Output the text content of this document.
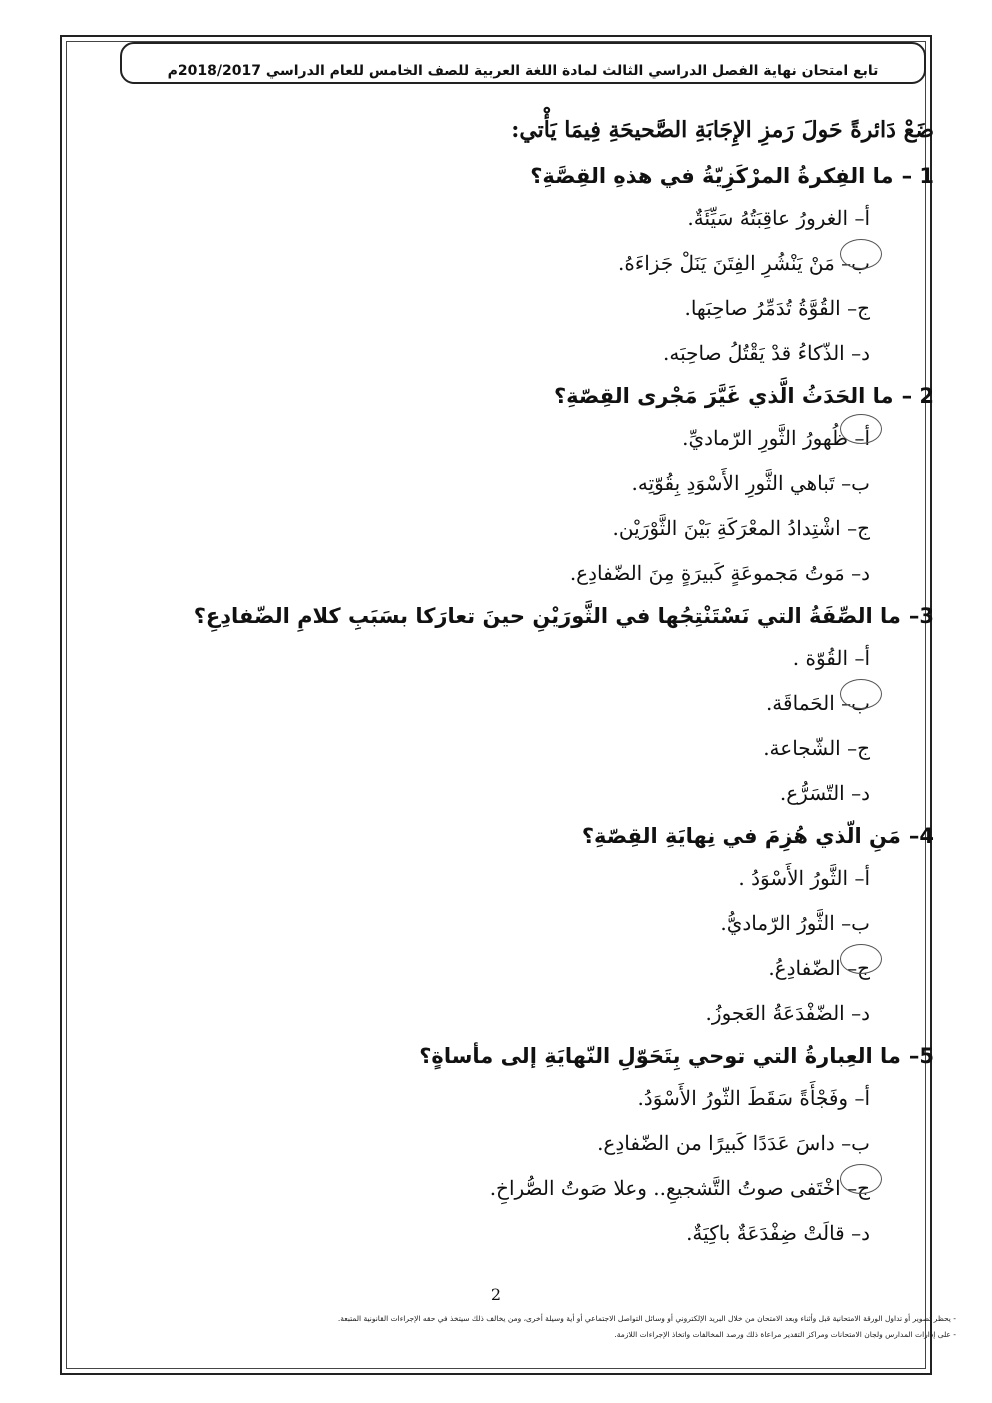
تابع امتحان نهاية الفصل الدراسي الثالث لمادة اللغة العربية للصف الخامس للعام الدراسي 2018/2017م
ضَعْ دَائرةً حَولَ رَمزِ الإِجَابَةِ الصَّحيحَةِ فِيمَا يَأْتي:
1 –ما الفِكرةُ المرْكَزِيّةُ في هذهِ القِصَّةِ؟
أ– الغرورُ عاقِبَتُهُ سَيِّئَةٌ.
ب– مَنْ يَنْشُرِ الفِتَنَ يَنَلْ جَزاءَهُ.
ج– القُوَّةُ تُدَمِّرُ صاحِبَها.
د– الذّكاءُ قدْ يَقْتُلُ صاحِبَه.
2 –ما الحَدَثُ الَّذي غَيَّرَ مَجْرى القِصّةِ؟
أ– ظُهورُ الثَّورِ الرّماديِّ.
ب– تَباهي الثَّورِ الأَسْوَدِ بِقُوّتِه.
ج– اشْتِدادُ المعْرَكَةِ بَيْنَ الثَّوْرَيْن.
د– مَوتُ مَجموعَةٍ كَبيرَةٍ مِنَ الضّفادِع.
3–ما الصِّفَةُ التي نَسْتَنْتِجُها في الثَّورَيْنِ حينَ تعارَكا بسَبَبِ كلامِ الضّفادِعِ؟
أ– القُوّة .
ب– الحَماقَة.
ج– الشّجاعة.
د– التّسَرُّع.
4–مَنِ الّذي هُزِمَ في نِهايَةِ القِصّةِ؟
أ– الثَّورُ الأَسْوَدُ .
ب– الثَّورُ الرّماديُّ.
ج– الضّفادِعُ.
د– الضّفْدَعَةُ العَجوزُ.
5–ما العِبارةُ التي توحي بِتَحَوّلِ النّهايَةِ إلى مأساةٍ؟
أ– وفَجْأَةً سَقَطَ الثّورُ الأَسْوَدُ.
ب– داسَ عَدَدًا كَبيرًا من الضّفادِع.
ج– اخْتَفى صوتُ التَّشجيعِ.. وعلا صَوتُ الصُّراخِ.
د– قالَتْ ضِفْدَعَةٌ باكِيَةٌ.
2
- يحظر تصوير أو تداول الورقة الامتحانية قبل وأثناء وبعد الامتحان من خلال البريد الإلكتروني أو وسائل التواصل الاجتماعي أو أية وسيلة أخرى، ومن يخالف ذلك سيتخذ في حقه الإجراءات القانونية المتبعة.
- على إدارات المدارس ولجان الامتحانات ومراكز التقدير مراعاة ذلك ورصد المخالفات واتخاذ الإجراءات اللازمة.
